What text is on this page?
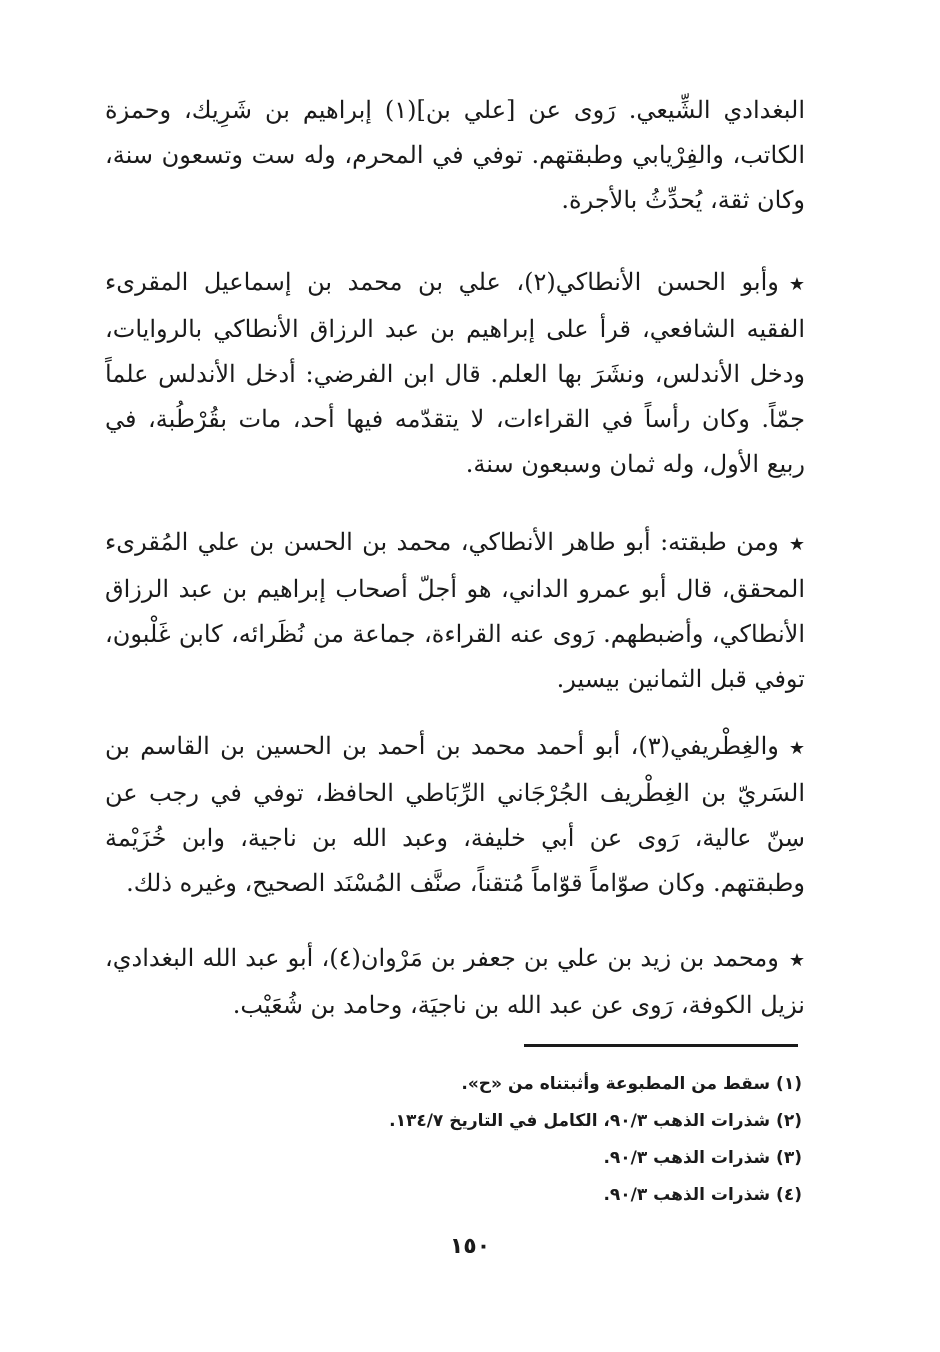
البغدادي الشِّيعي. رَوى عن [علي بن](١) إبراهيم بن شَرِيك، وحمزة الكاتب، والفِرْيابي وطبقتهم. توفي في المحرم، وله ست وتسعون سنة، وكان ثقة، يُحدِّثُ بالأجرة.

★وأبو الحسن الأنطاكي(٢)، علي بن محمد بن إسماعيل المقرىء الفقيه الشافعي، قرأ على إبراهيم بن عبد الرزاق الأنطاكي بالروايات، ودخل الأندلس، ونشَرَ بها العلم. قال ابن الفرضي: أدخل الأندلس علماً جمّاً. وكان رأساً في القراءات، لا يتقدّمه فيها أحد، مات بقُرْطُبة، في ربيع الأول، وله ثمان وسبعون سنة.

★ومن طبقته: أبو طاهر الأنطاكي، محمد بن الحسن بن علي المُقرىء المحقق، قال أبو عمرو الداني، هو أجلّ أصحاب إبراهيم بن عبد الرزاق الأنطاكي، وأضبطهم. رَوى عنه القراءة، جماعة من نُظَرائه، كابن غَلْبون، توفي قبل الثمانين بيسير.

★والغِطْريفي(٣)، أبو أحمد محمد بن أحمد بن الحسين بن القاسم بن السَريّ بن الغِطْريف الجُرْجَاني الرِّبَاطي الحافظ، توفي في رجب عن سِنّ عالية، رَوى عن أبي خليفة، وعبد الله بن ناجية، وابن خُزَيْمة وطبقتهم. وكان صوّاماً قوّاماً مُتقناً، صنَّف المُسْنَد الصحيح، وغيره ذلك.

★ومحمد بن زيد بن علي بن جعفر بن مَرْوان(٤)، أبو عبد الله البغدادي، نزيل الكوفة، رَوى عن عبد الله بن ناجيَة، وحامد بن شُعَيْب.

(١) سقط من المطبوعة وأثبتناه من «ح».
(٢) شذرات الذهب ٩٠/٣، الكامل في التاريخ ١٣٤/٧.
(٣) شذرات الذهب ٩٠/٣.
(٤) شذرات الذهب ٩٠/٣.
١٥٠
